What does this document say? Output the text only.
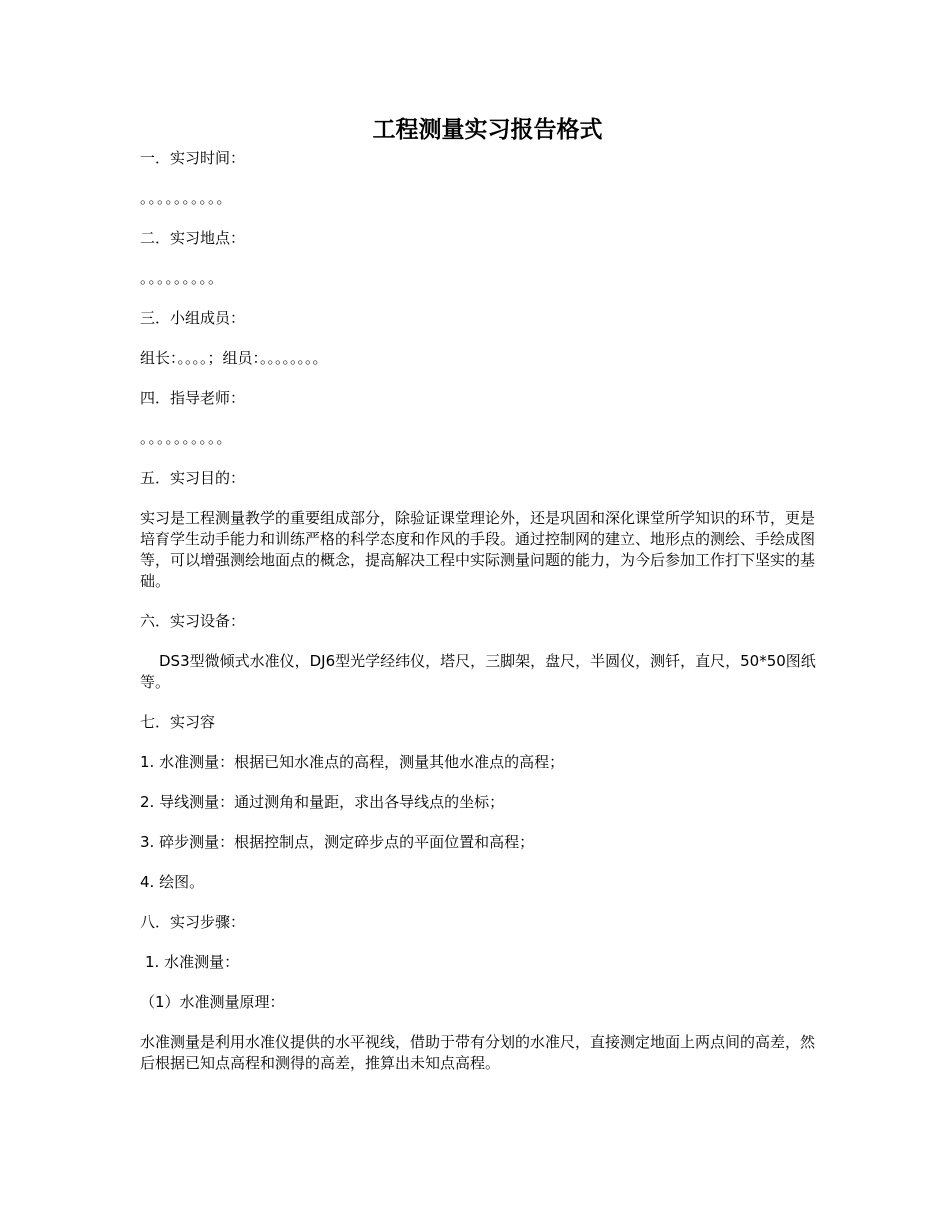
工程测量实习报告格式

一．实习时间：

。。。。。。。。。。

二．实习地点：

。。。。。。。。。

三．小组成员：

组长：。。。。；组员：。。。。。。。。

四．指导老师：

。。。。。。。。。。

五．实习目的：

实习是工程测量教学的重要组成部分，除验证课堂理论外，还是巩固和深化课堂所学知识的环节，更是培育学生动手能力和训练严格的科学态度和作风的手段。通过控制网的建立、地形点的测绘、手绘成图等，可以增强测绘地面点的概念，提高解决工程中实际测量问题的能力，为今后参加工作打下坚实的基础。

六．实习设备：

DS3型微倾式水准仪，DJ6型光学经纬仪，塔尺，三脚架，盘尺，半圆仪，测钎，直尺，50*50图纸等。

七．实习容

1. 水准测量：根据已知水准点的高程，测量其他水准点的高程；

2. 导线测量：通过测角和量距，求出各导线点的坐标；

3. 碎步测量：根据控制点，测定碎步点的平面位置和高程；

4. 绘图。

八．实习步骤：

1. 水准测量：

（1）水准测量原理：

水准测量是利用水准仪提供的水平视线，借助于带有分划的水准尺，直接测定地面上两点间的高差，然后根据已知点高程和测得的高差，推算出未知点高程。
